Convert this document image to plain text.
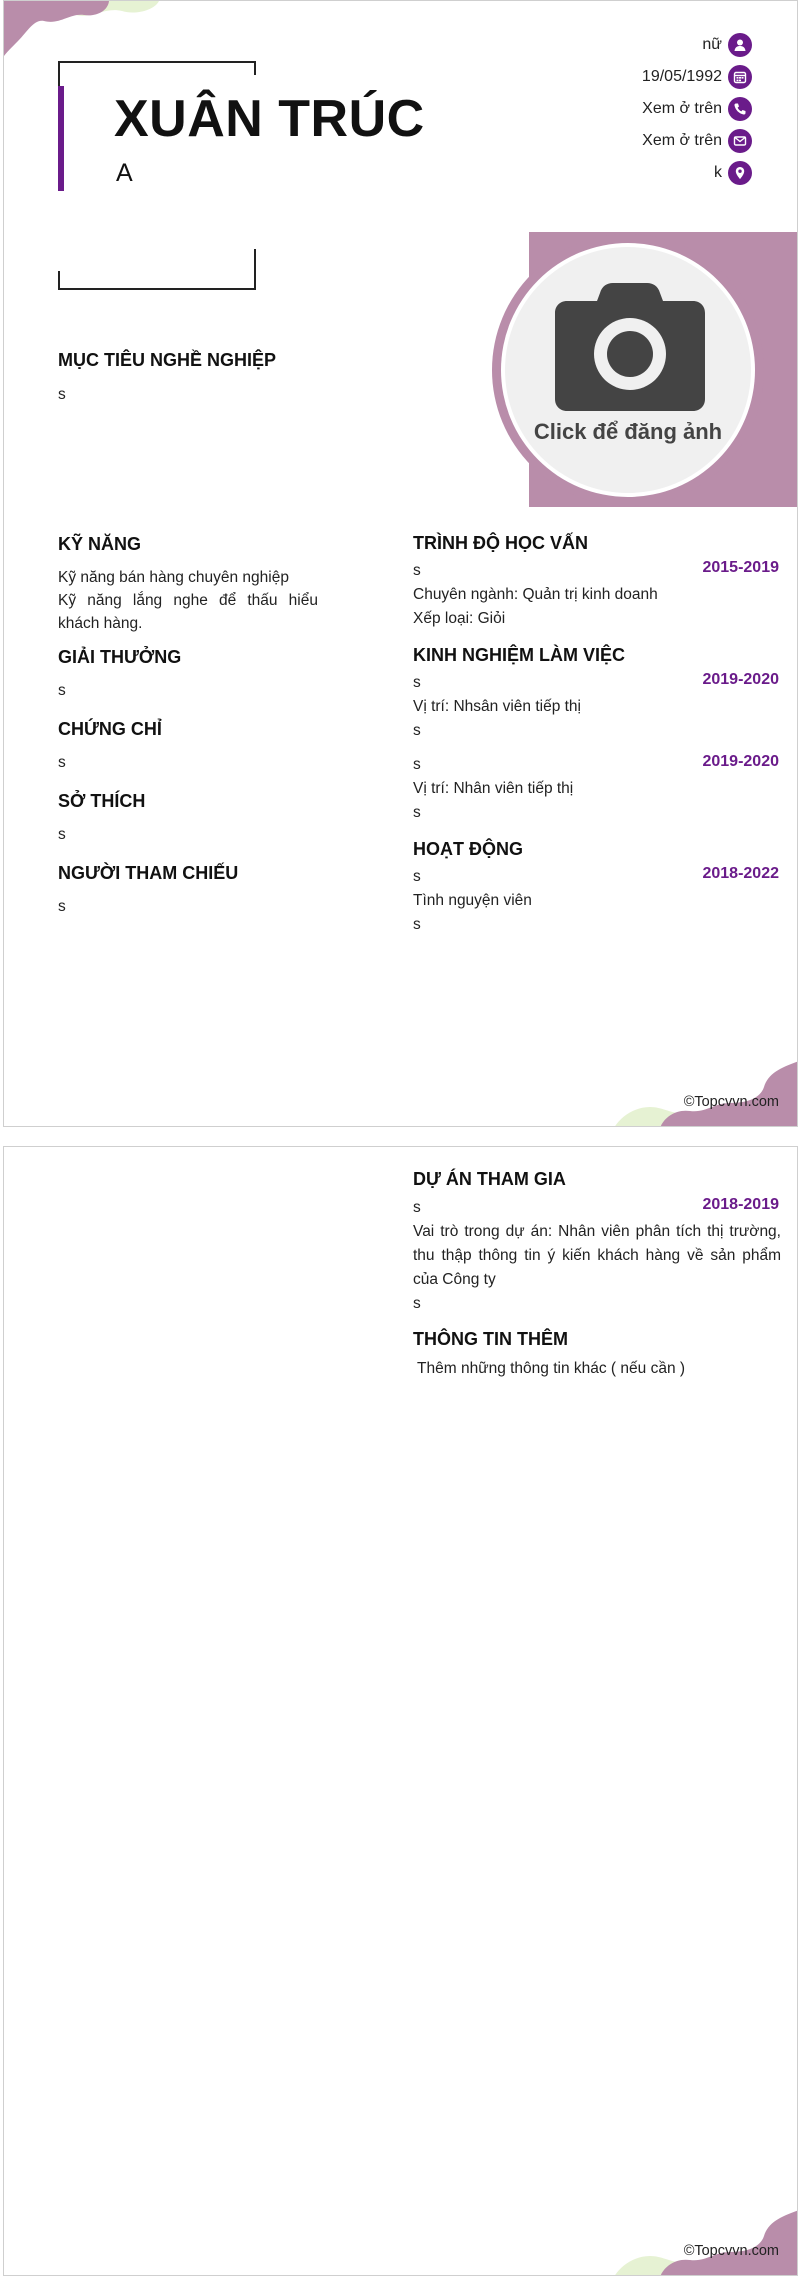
XUÂN TRÚC
A
nữ
19/05/1992
Xem ở trên
Xem ở trên
k
Click để đăng ảnh
MỤC TIÊU NGHỀ NGHIỆP
s
KỸ NĂNG
Kỹ năng bán hàng chuyên nghiệp
Kỹ năng lắng nghe để thấu hiểu khách hàng.
GIẢI THƯỞNG
s
CHỨNG CHỈ
s
SỞ THÍCH
s
NGƯỜI THAM CHIẾU
s
TRÌNH ĐỘ HỌC VẤN
s	2015-2019
Chuyên ngành: Quản trị kinh doanh
Xếp loại: Giỏi
KINH NGHIỆM LÀM VIỆC
s	2019-2020
Vị trí: Nhsân viên tiếp thị
s
s	2019-2020
Vị trí: Nhân viên tiếp thị
s
HOẠT ĐỘNG
s	2018-2022
Tình nguyện viên
s
©Topcvvn.com
DỰ ÁN THAM GIA
s	2018-2019
Vai trò trong dự án: Nhân viên phân tích thị trường, thu thập thông tin ý kiến khách hàng về sản phẩm của Công ty
s
THÔNG TIN THÊM
Thêm những thông tin khác ( nếu cần )
©Topcvvn.com
